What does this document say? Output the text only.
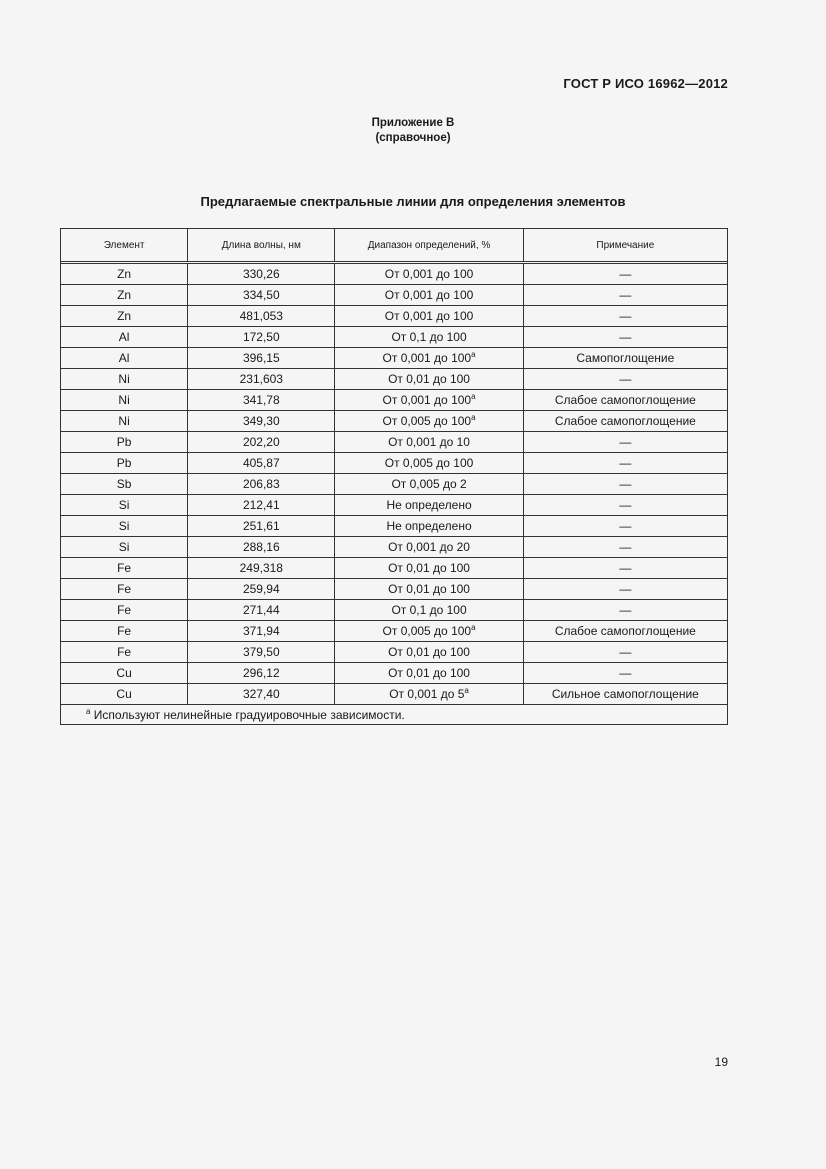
ГОСТ Р ИСО 16962—2012
Приложение В
(справочное)
Предлагаемые спектральные линии для определения элементов
Элемент	Длина волны, нм	Диапазон определений, %	Примечание

Zn	330,26	От 0,001 до 100	—
Zn	334,50	От 0,001 до 100	—
Zn	481,053	От 0,001 до 100	—
Al	172,50	От 0,1 до 100	—
Al	396,15	От 0,001 до 100$^a$	Самопоглощение
Ni	231,603	От 0,01 до 100	—
Ni	341,78	От 0,001 до 100$^a$	Слабое самопоглощение
Ni	349,30	От 0,005 до 100$^a$	Слабое самопоглощение
Pb	202,20	От 0,001 до 10	—
Pb	405,87	От 0,005 до 100	—
Sb	206,83	От 0,005 до 2	—
Si	212,41	Не определено	—
Si	251,61	Не определено	—
Si	288,16	От 0,001 до 20	—
Fe	249,318	От 0,01 до 100	—
Fe	259,94	От 0,01 до 100	—
Fe	271,44	От 0,1 до 100	—
Fe	371,94	От 0,005 до 100$^a$	Слабое самопоглощение
Fe	379,50	От 0,01 до 100	—
Cu	296,12	От 0,01 до 100	—
Cu	327,40	От 0,001 до 5$^a$	Сильное самопоглощение
$^a$ Используют нелинейные градуировочные зависимости.			
19
